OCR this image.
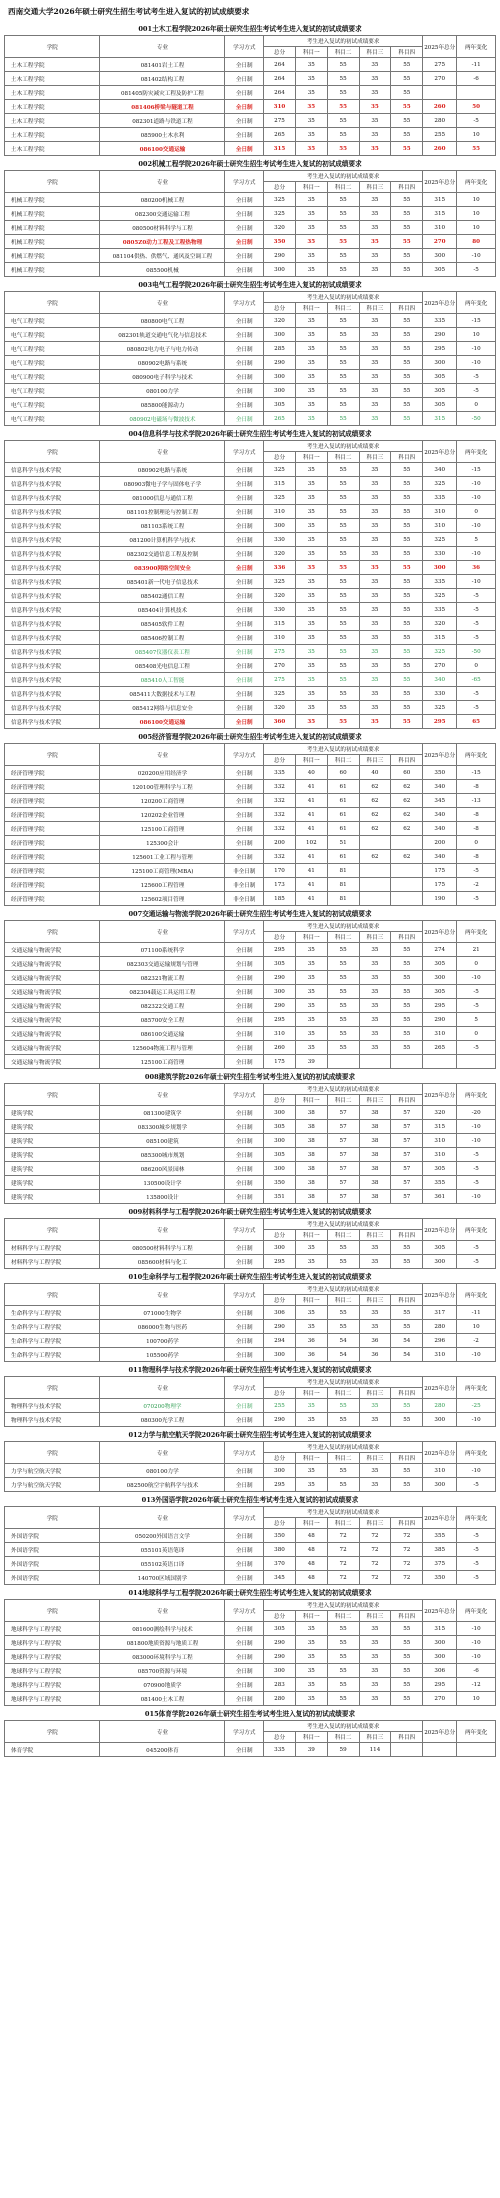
西南交通大学2026年硕士研究生招生考试考生进入复试的初试成绩要求
001土木工程学院2026年硕士研究生招生考试考生进入复试的初试成绩要求
学院	专业	学习方式	考生进入复试的初试成绩要求					2025年总分	两年变化
			总分	科目一	科目二	科目三	科目四		
土木工程学院	081401岩土工程	全日制	264	35	55	35	55	275	-11
土木工程学院	081402结构工程	全日制	264	35	55	35	55	270	-6
土木工程学院	081405防灾减灾工程及防护工程	全日制	264	35	55	35	55		
土木工程学院	081406桥梁与隧道工程	全日制	310	35	55	35	55	260	50
土木工程学院	082301道路与铁道工程	全日制	275	35	55	35	55	280	-5
土木工程学院	085900土木水利	全日制	265	35	55	35	55	255	10
土木工程学院	086100交通运输	全日制	315	35	55	35	55	260	55
002机械工程学院2026年硕士研究生招生考试考生进入复试的初试成绩要求
学院	专业	学习方式	考生进入复试的初试成绩要求					2025年总分	两年变化
			总分	科目一	科目二	科目三	科目四		
机械工程学院	080200机械工程	全日制	325	35	55	35	55	315	10
机械工程学院	082300交通运输工程	全日制	325	35	55	35	55	315	10
机械工程学院	080500材料科学与工程	全日制	320	35	55	35	55	310	10
机械工程学院	0805Z0动力工程及工程热物理	全日制	350	35	55	35	55	270	80
机械工程学院	081104供热、供燃气、通风及空调工程	全日制	290	35	55	35	55	300	-10
机械工程学院	085500机械	全日制	300	35	55	35	55	305	-5
003电气工程学院2026年硕士研究生招生考试考生进入复试的初试成绩要求
学院	专业	学习方式	考生进入复试的初试成绩要求					2025年总分	两年变化
			总分	科目一	科目二	科目三	科目四		
电气工程学院	080800电气工程	全日制	320	35	55	35	55	335	-15
电气工程学院	082301轨道交通电气化与信息技术	全日制	300	35	55	35	55	290	10
电气工程学院	080802电力电子与电力传动	全日制	285	35	55	35	55	295	-10
电气工程学院	080902电路与系统	全日制	290	35	55	35	55	300	-10
电气工程学院	080900电子科学与技术	全日制	300	35	55	35	55	305	-5
电气工程学院	080100力学	全日制	300	35	55	35	55	305	-5
电气工程学院	085800能源动力	全日制	305	35	55	35	55	305	0
电气工程学院	080902电磁场与微波技术	全日制	265	35	55	35	55	315	-50
004信息科学与技术学院2026年硕士研究生招生考试考生进入复试的初试成绩要求
学院	专业	学习方式	考生进入复试的初试成绩要求					2025年总分	两年变化
			总分	科目一	科目二	科目三	科目四		
信息科学与技术学院	080902电路与系统	全日制	325	35	55	35	55	340	-15
信息科学与技术学院	080903微电子学与固体电子学	全日制	315	35	55	35	55	325	-10
信息科学与技术学院	081000信息与通信工程	全日制	325	35	55	35	55	335	-10
信息科学与技术学院	081101控制理论与控制工程	全日制	310	35	55	35	55	310	0
信息科学与技术学院	081103系统工程	全日制	300	35	55	35	55	310	-10
信息科学与技术学院	081200计算机科学与技术	全日制	330	35	55	35	55	325	5
信息科学与技术学院	082302交通信息工程及控制	全日制	320	35	55	35	55	330	-10
信息科学与技术学院	083900网络空间安全	全日制	336	35	55	35	55	300	36
信息科学与技术学院	085401新一代电子信息技术	全日制	325	35	55	35	55	335	-10
信息科学与技术学院	085402通信工程	全日制	320	35	55	35	55	325	-5
信息科学与技术学院	085404计算机技术	全日制	330	35	55	35	55	335	-5
信息科学与技术学院	085405软件工程	全日制	315	35	55	35	55	320	-5
信息科学与技术学院	085406控制工程	全日制	310	35	55	35	55	315	-5
信息科学与技术学院	085407仪器仪表工程	全日制	275	35	55	35	55	325	-50
信息科学与技术学院	085408光电信息工程	全日制	270	35	55	35	55	270	0
信息科学与技术学院	085410人工智能	全日制	275	35	55	35	55	340	-65
信息科学与技术学院	085411大数据技术与工程	全日制	325	35	55	35	55	330	-5
信息科学与技术学院	085412网络与信息安全	全日制	320	35	55	35	55	325	-5
信息科学与技术学院	086100交通运输	全日制	360	35	55	35	55	295	65
005经济管理学院2026年硕士研究生招生考试考生进入复试的初试成绩要求
学院	专业	学习方式	考生进入复试的初试成绩要求					2025年总分	两年变化
			总分	科目一	科目二	科目三	科目四		
经济管理学院	020200应用经济学	全日制	335	40	60	40	60	350	-15
经济管理学院	120100管理科学与工程	全日制	332	41	61	62	62	340	-8
经济管理学院	120200工商管理	全日制	332	41	61	62	62	345	-13
经济管理学院	120202企业管理	全日制	332	41	61	62	62	340	-8
经济管理学院	125100工商管理	全日制	332	41	61	62	62	340	-8
经济管理学院	125300会计	全日制	200	102	51			200	0
经济管理学院	125601工业工程与管理	全日制	332	41	61	62	62	340	-8
经济管理学院	125100工商管理(MBA)	非全日制	170	41	81			175	-5
经济管理学院	125600工程管理	非全日制	173	41	81			175	-2
经济管理学院	125602项目管理	非全日制	185	41	81			190	-5
007交通运输与物流学院2026年硕士研究生招生考试考生进入复试的初试成绩要求
学院	专业	学习方式	考生进入复试的初试成绩要求					2025年总分	两年变化
			总分	科目一	科目二	科目三	科目四		
交通运输与物流学院	071100系统科学	全日制	295	35	55	35	55	274	21
交通运输与物流学院	082303交通运输规划与管理	全日制	305	35	55	35	55	305	0
交通运输与物流学院	082321物流工程	全日制	290	35	55	35	55	300	-10
交通运输与物流学院	082304载运工具运用工程	全日制	300	35	55	35	55	305	-5
交通运输与物流学院	082322交通工程	全日制	290	35	55	35	55	295	-5
交通运输与物流学院	085700安全工程	全日制	295	35	55	35	55	290	5
交通运输与物流学院	086100交通运输	全日制	310	35	55	35	55	310	0
交通运输与物流学院	125604物流工程与管理	全日制	260	35	55	35	55	265	-5
交通运输与物流学院	125100工商管理	全日制	175	39					
008建筑学院2026年硕士研究生招生考试考生进入复试的初试成绩要求
学院	专业	学习方式	考生进入复试的初试成绩要求					2025年总分	两年变化
			总分	科目一	科目二	科目三	科目四		
建筑学院	081300建筑学	全日制	300	38	57	38	57	320	-20
建筑学院	083300城乡规划学	全日制	305	38	57	38	57	315	-10
建筑学院	085100建筑	全日制	300	38	57	38	57	310	-10
建筑学院	085300城市规划	全日制	305	38	57	38	57	310	-5
建筑学院	086200风景园林	全日制	300	38	57	38	57	305	-5
建筑学院	130500设计学	全日制	350	38	57	38	57	355	-5
建筑学院	135800设计	全日制	351	38	57	38	57	361	-10
009材料科学与工程学院2026年硕士研究生招生考试考生进入复试的初试成绩要求
学院	专业	学习方式	考生进入复试的初试成绩要求					2025年总分	两年变化
			总分	科目一	科目二	科目三	科目四		
材料科学与工程学院	080500材料科学与工程	全日制	300	35	55	35	55	305	-5
材料科学与工程学院	085600材料与化工	全日制	295	35	55	35	55	300	-5
010生命科学与工程学院2026年硕士研究生招生考试考生进入复试的初试成绩要求
学院	专业	学习方式	考生进入复试的初试成绩要求					2025年总分	两年变化
			总分	科目一	科目二	科目三	科目四		
生命科学与工程学院	071000生物学	全日制	306	35	55	35	55	317	-11
生命科学与工程学院	086000生物与医药	全日制	290	35	55	35	55	280	10
生命科学与工程学院	100700药学	全日制	294	36	54	36	54	296	-2
生命科学与工程学院	105500药学	全日制	300	36	54	36	54	310	-10
011物理科学与技术学院2026年硕士研究生招生考试考生进入复试的初试成绩要求
学院	专业	学习方式	考生进入复试的初试成绩要求					2025年总分	两年变化
			总分	科目一	科目二	科目三	科目四		
物理科学与技术学院	070200物理学	全日制	255	35	55	35	55	280	-25
物理科学与技术学院	080300光学工程	全日制	290	35	55	35	55	300	-10
012力学与航空航天学院2026年硕士研究生招生考试考生进入复试的初试成绩要求
学院	专业	学习方式	考生进入复试的初试成绩要求					2025年总分	两年变化
			总分	科目一	科目二	科目三	科目四		
力学与航空航天学院	080100力学	全日制	300	35	55	35	55	310	-10
力学与航空航天学院	082500航空宇航科学与技术	全日制	295	35	55	35	55	300	-5
013外国语学院2026年硕士研究生招生考试考生进入复试的初试成绩要求
学院	专业	学习方式	考生进入复试的初试成绩要求					2025年总分	两年变化
			总分	科目一	科目二	科目三	科目四		
外国语学院	050200外国语言文学	全日制	350	48	72	72	72	355	-5
外国语学院	055101英语笔译	全日制	380	48	72	72	72	385	-5
外国语学院	055102英语口译	全日制	370	48	72	72	72	375	-5
外国语学院	140700区域国别学	全日制	345	48	72	72	72	350	-5
014地球科学与工程学院2026年硕士研究生招生考试考生进入复试的初试成绩要求
学院	专业	学习方式	考生进入复试的初试成绩要求					2025年总分	两年变化
			总分	科目一	科目二	科目三	科目四		
地球科学与工程学院	081600测绘科学与技术	全日制	305	35	55	35	55	315	-10
地球科学与工程学院	081800地质资源与地质工程	全日制	290	35	55	35	55	300	-10
地球科学与工程学院	083000环境科学与工程	全日制	290	35	55	35	55	300	-10
地球科学与工程学院	085700资源与环境	全日制	300	35	55	35	55	306	-6
地球科学与工程学院	070900地质学	全日制	283	35	55	35	55	295	-12
地球科学与工程学院	081400土木工程	全日制	280	35	55	35	55	270	10
015体育学院2026年硕士研究生招生考试考生进入复试的初试成绩要求
学院	专业	学习方式	考生进入复试的初试成绩要求					2025年总分	两年变化
			总分	科目一	科目二	科目三	科目四		
体育学院	045200体育	全日制	335	39	59	114			
